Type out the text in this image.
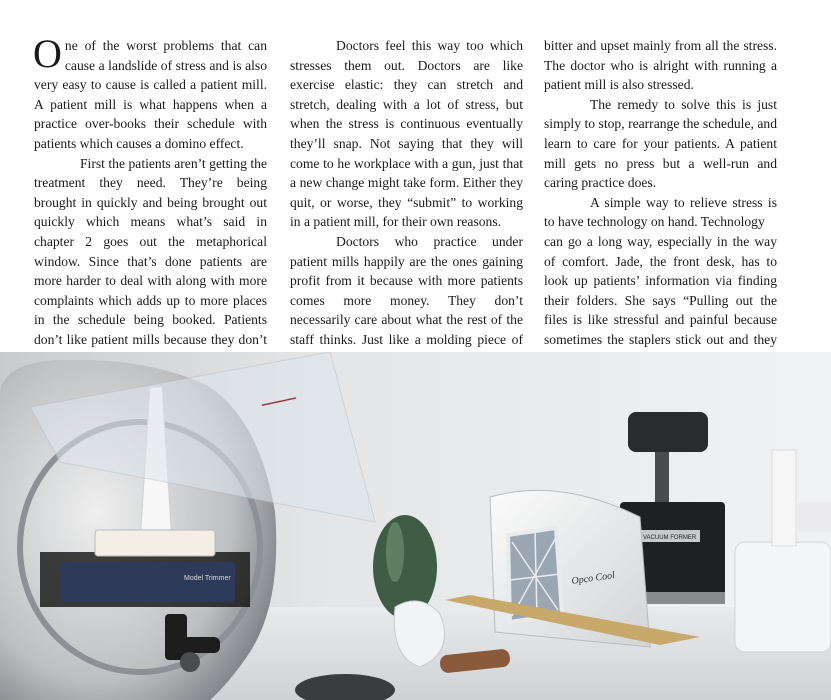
One of the worst problems that can cause a landslide of stress and is also very easy to cause is called a patient mill. A patient mill is what happens when a practice over-books their schedule with patients which causes a domino effect.

First the patients aren’t getting the treatment they need. They’re being brought in quickly and being brought out quickly which means what’s said in chapter 2 goes out the metaphorical window. Since that’s done patients are more harder to deal with along with more complaints which adds up to more places in the schedule being booked. Patients don’t like patient mills because they don’t

Doctors feel this way too which stresses them out. Doctors are like exercise elastic: they can stretch and stretch, dealing with a lot of stress, but when the stress is continuous eventually they’ll snap. Not saying that they will come to he workplace with a gun, just that a new change might take form. Either they quit, or worse, they “submit” to working in a patient mill, for their own reasons.

Doctors who practice under patient mills happily are the ones gaining profit from it because with more patients comes more money. They don’t necessarily care about what the rest of the staff thinks. Just like a molding piece of

bitter and upset mainly from all the stress. The doctor who is alright with running a patient mill is also stressed.

The remedy to solve this is just simply to stop, rearrange the schedule, and learn to care for your patients. A patient mill gets no press but a well-run and caring practice does.

A simple way to relieve stress is to have technology on hand. Technology
can go a long way, especially in the way of comfort. Jade, the front desk, has to look up patients’ information via finding their folders. She says “Pulling out the files is like stressful and painful because sometimes the staplers stick out and they

VACUUM FORMER
Opco Cool
Model Trimmer
▬▬▬▬▬▬▬
